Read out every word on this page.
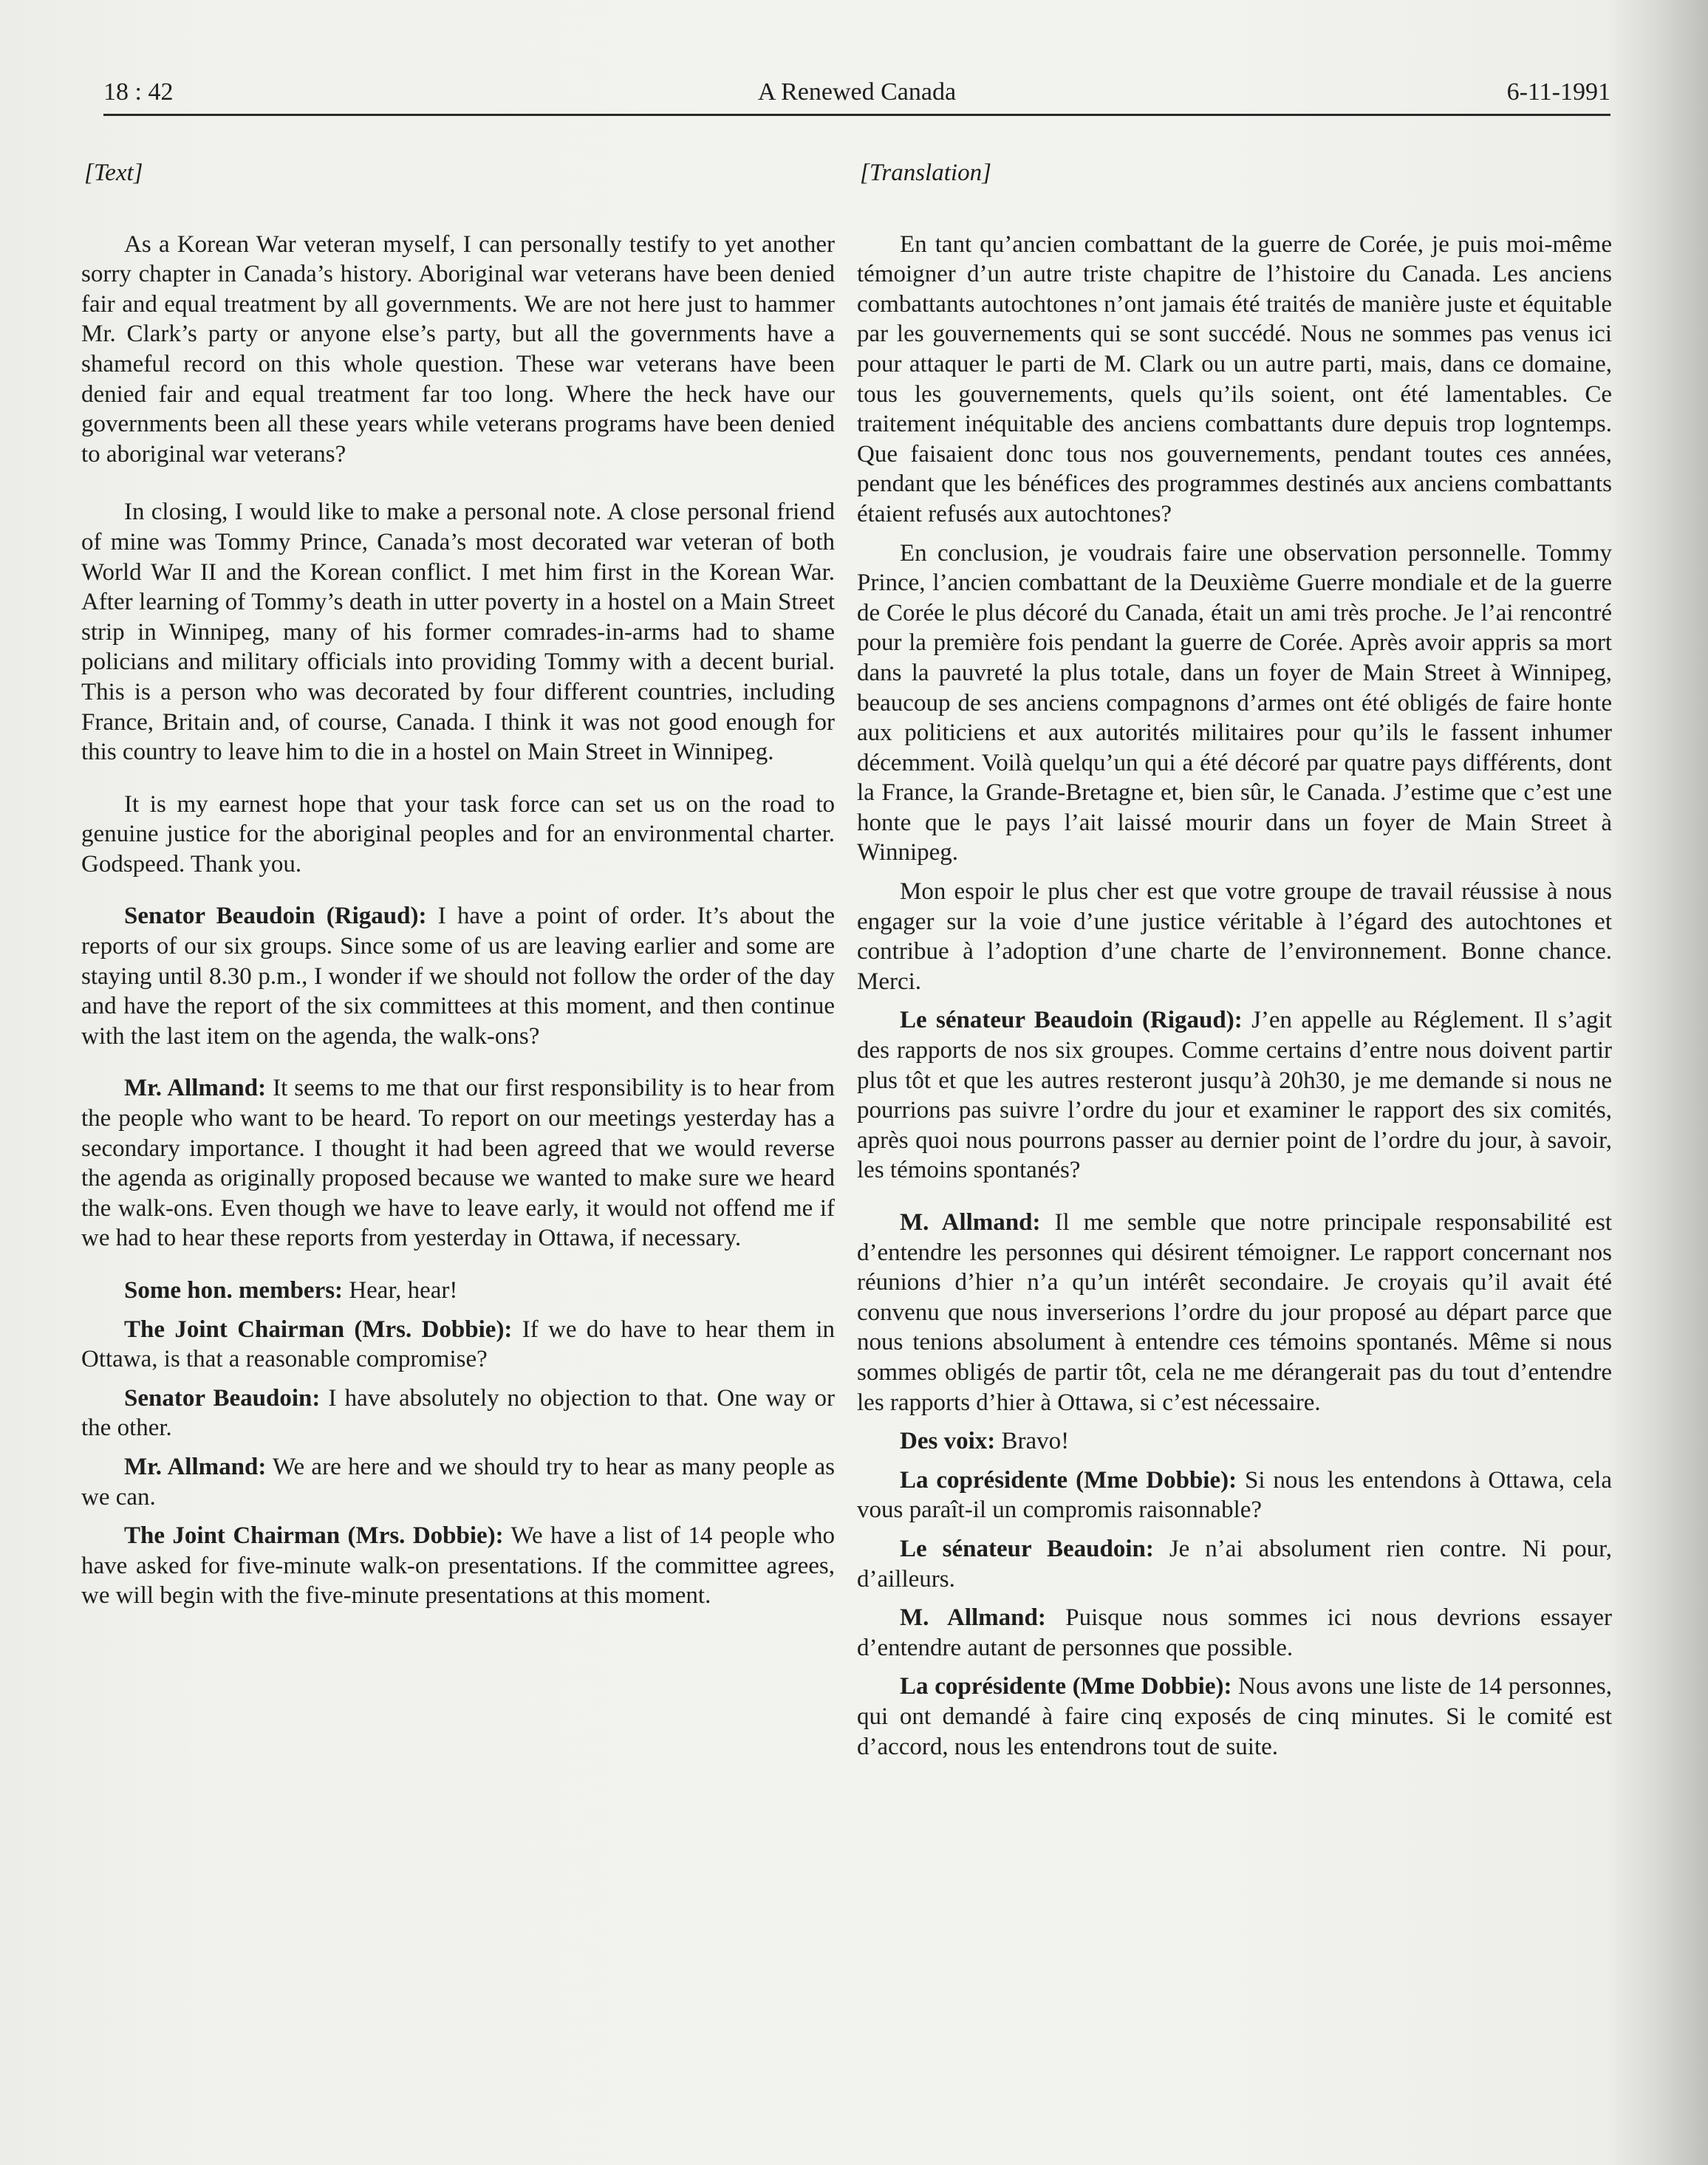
18 : 42	A Renewed Canada	6-11-1991
[Text]

As a Korean War veteran myself, I can personally testify to yet another sorry chapter in Canada’s history. Aboriginal war veterans have been denied fair and equal treatment by all governments. We are not here just to hammer Mr. Clark’s party or anyone else’s party, but all the governments have a shameful record on this whole question. These war veterans have been denied fair and equal treatment far too long. Where the heck have our governments been all these years while veterans programs have been denied to aboriginal war veterans?

In closing, I would like to make a personal note. A close personal friend of mine was Tommy Prince, Canada’s most decorated war veteran of both World War II and the Korean conflict. I met him first in the Korean War. After learning of Tommy’s death in utter poverty in a hostel on a Main Street strip in Winnipeg, many of his former comrades-in-arms had to shame policians and military officials into providing Tommy with a decent burial. This is a person who was decorated by four different countries, including France, Britain and, of course, Canada. I think it was not good enough for this country to leave him to die in a hostel on Main Street in Winnipeg.

It is my earnest hope that your task force can set us on the road to genuine justice for the aboriginal peoples and for an environmental charter. Godspeed. Thank you.

Senator Beaudoin (Rigaud): I have a point of order. It’s about the reports of our six groups. Since some of us are leaving earlier and some are staying until 8.30 p.m., I wonder if we should not follow the order of the day and have the report of the six committees at this moment, and then continue with the last item on the agenda, the walk-ons?

Mr. Allmand: It seems to me that our first responsibility is to hear from the people who want to be heard. To report on our meetings yesterday has a secondary importance. I thought it had been agreed that we would reverse the agenda as originally proposed because we wanted to make sure we heard the walk-ons. Even though we have to leave early, it would not offend me if we had to hear these reports from yesterday in Ottawa, if necessary.

Some hon. members: Hear, hear!

The Joint Chairman (Mrs. Dobbie): If we do have to hear them in Ottawa, is that a reasonable compromise?

Senator Beaudoin: I have absolutely no objection to that. One way or the other.

Mr. Allmand: We are here and we should try to hear as many people as we can.

The Joint Chairman (Mrs. Dobbie): We have a list of 14 people who have asked for five-minute walk-on presentations. If the committee agrees, we will begin with the five-minute presentations at this moment.

[Translation]

En tant qu’ancien combattant de la guerre de Corée, je puis moi-même témoigner d’un autre triste chapitre de l’histoire du Canada. Les anciens combattants autochtones n’ont jamais été traités de manière juste et équitable par les gouvernements qui se sont succédé. Nous ne sommes pas venus ici pour attaquer le parti de M. Clark ou un autre parti, mais, dans ce domaine, tous les gouvernements, quels qu’ils soient, ont été lamentables. Ce traitement inéquitable des anciens combattants dure depuis trop logntemps. Que faisaient donc tous nos gouvernements, pendant toutes ces années, pendant que les bénéfices des programmes destinés aux anciens combattants étaient refusés aux autochtones?

En conclusion, je voudrais faire une observation personnelle. Tommy Prince, l’ancien combattant de la Deuxième Guerre mondiale et de la guerre de Corée le plus décoré du Canada, était un ami très proche. Je l’ai rencontré pour la première fois pendant la guerre de Corée. Après avoir appris sa mort dans la pauvreté la plus totale, dans un foyer de Main Street à Winnipeg, beaucoup de ses anciens compagnons d’armes ont été obligés de faire honte aux politiciens et aux autorités militaires pour qu’ils le fassent inhumer décemment. Voilà quelqu’un qui a été décoré par quatre pays différents, dont la France, la Grande-Bretagne et, bien sûr, le Canada. J’estime que c’est une honte que le pays l’ait laissé mourir dans un foyer de Main Street à Winnipeg.

Mon espoir le plus cher est que votre groupe de travail réussise à nous engager sur la voie d’une justice véritable à l’égard des autochtones et contribue à l’adoption d’une charte de l’environnement. Bonne chance. Merci.

Le sénateur Beaudoin (Rigaud): J’en appelle au Réglement. Il s’agit des rapports de nos six groupes. Comme certains d’entre nous doivent partir plus tôt et que les autres resteront jusqu’à 20h30, je me demande si nous ne pourrions pas suivre l’ordre du jour et examiner le rapport des six comités, après quoi nous pourrons passer au dernier point de l’ordre du jour, à savoir, les témoins spontanés?

M. Allmand: Il me semble que notre principale responsabilité est d’entendre les personnes qui désirent témoigner. Le rapport concernant nos réunions d’hier n’a qu’un intérêt secondaire. Je croyais qu’il avait été convenu que nous inverserions l’ordre du jour proposé au départ parce que nous tenions absolument à entendre ces témoins spontanés. Même si nous sommes obligés de partir tôt, cela ne me dérangerait pas du tout d’entendre les rapports d’hier à Ottawa, si c’est nécessaire.

Des voix: Bravo!

La coprésidente (Mme Dobbie): Si nous les entendons à Ottawa, cela vous paraît-il un compromis raisonnable?

Le sénateur Beaudoin: Je n’ai absolument rien contre. Ni pour, d’ailleurs.

M. Allmand: Puisque nous sommes ici nous devrions essayer d’entendre autant de personnes que possible.

La coprésidente (Mme Dobbie): Nous avons une liste de 14 personnes, qui ont demandé à faire cinq exposés de cinq minutes. Si le comité est d’accord, nous les entendrons tout de suite.
